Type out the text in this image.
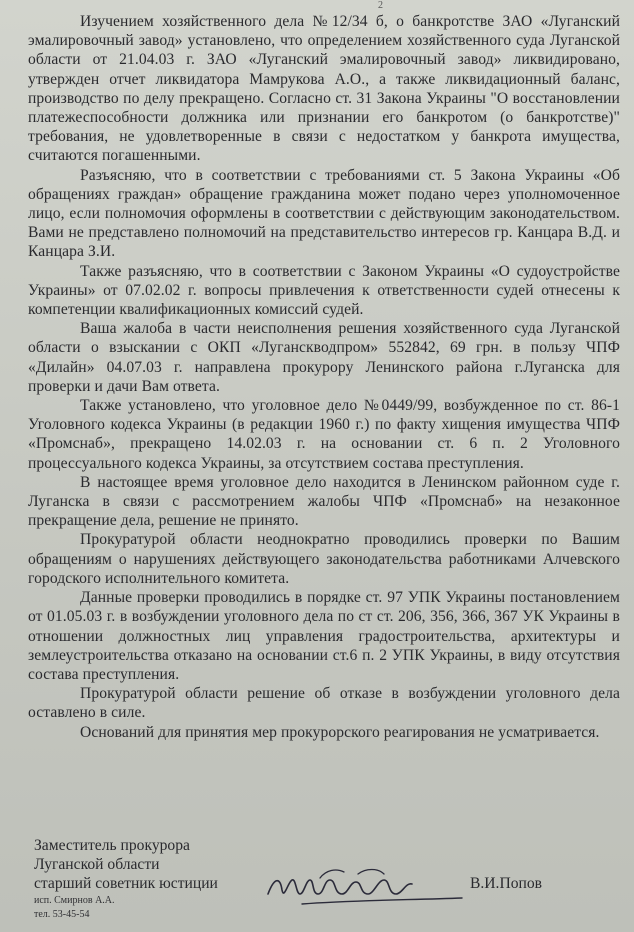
2

Изучением хозяйственного дела №12/34 б, о банкротстве ЗАО «Луганский эмалировочный завод» установлено, что определением хозяйственного суда Луганской области от 21.04.03 г. ЗАО «Луганский эмалировочный завод» ликвидировано, утвержден отчет ликвидатора Мамрукова А.О., а также ликвидационный баланс, производство по делу прекращено. Согласно ст. 31 Закона Украины "О восстановлении платежеспособности должника или признании его банкротом (о банкротстве)" требования, не удовлетворенные в связи с недостатком у банкрота имущества, считаются погашенными.

Разъясняю, что в соответствии с требованиями ст. 5 Закона Украины «Об обращениях граждан» обращение гражданина может подано через уполномоченное лицо, если полномочия оформлены в соответствии с действующим законодательством. Вами не представлено полномочий на представительство интересов гр. Канцара В.Д. и Канцара З.И.

Также разъясняю, что в соответствии с Законом Украины «О судоустройстве Украины» от 07.02.02 г. вопросы привлечения к ответственности судей отнесены к компетенции квалификационных комиссий судей.

Ваша жалоба в части неисполнения решения хозяйственного суда Луганской области о взыскании с ОКП «Луганскводпром» 552842, 69 грн. в пользу ЧПФ «Дилайн» 04.07.03 г. направлена прокурору Ленинского района г.Луганска для проверки и дачи Вам ответа.

Также установлено, что уголовное дело №0449/99, возбужденное по ст. 86-1 Уголовного кодекса Украины (в редакции 1960 г.) по факту хищения имущества ЧПФ «Промснаб», прекращено 14.02.03 г. на основании ст. 6 п. 2 Уголовного процессуального кодекса Украины, за отсутствием состава преступления.

В настоящее время уголовное дело находится в Ленинском районном суде г. Луганска в связи с рассмотрением жалобы ЧПФ «Промснаб» на незаконное прекращение дела, решение не принято.

Прокуратурой области неоднократно проводились проверки по Вашим обращениям о нарушениях действующего законодательства работниками Алчевского городского исполнительного комитета.

Данные проверки проводились в порядке ст. 97 УПК Украины постановлением от 01.05.03 г. в возбуждении уголовного дела по ст ст. 206, 356, 366, 367 УК Украины в отношении должностных лиц управления градостроительства, архитектуры и землеустроительства отказано на основании ст.6 п. 2 УПК Украины, в виду отсутствия состава преступления.

Прокуратурой области решение об отказе в возбуждении уголовного дела оставлено в силе.

Оснований для принятия мер прокурорского реагирования не усматривается.

Заместитель прокурора
Луганской области
старший советник юстиции
исп. Смирнов А.А.
тел. 53-45-54
В.И.Попов
